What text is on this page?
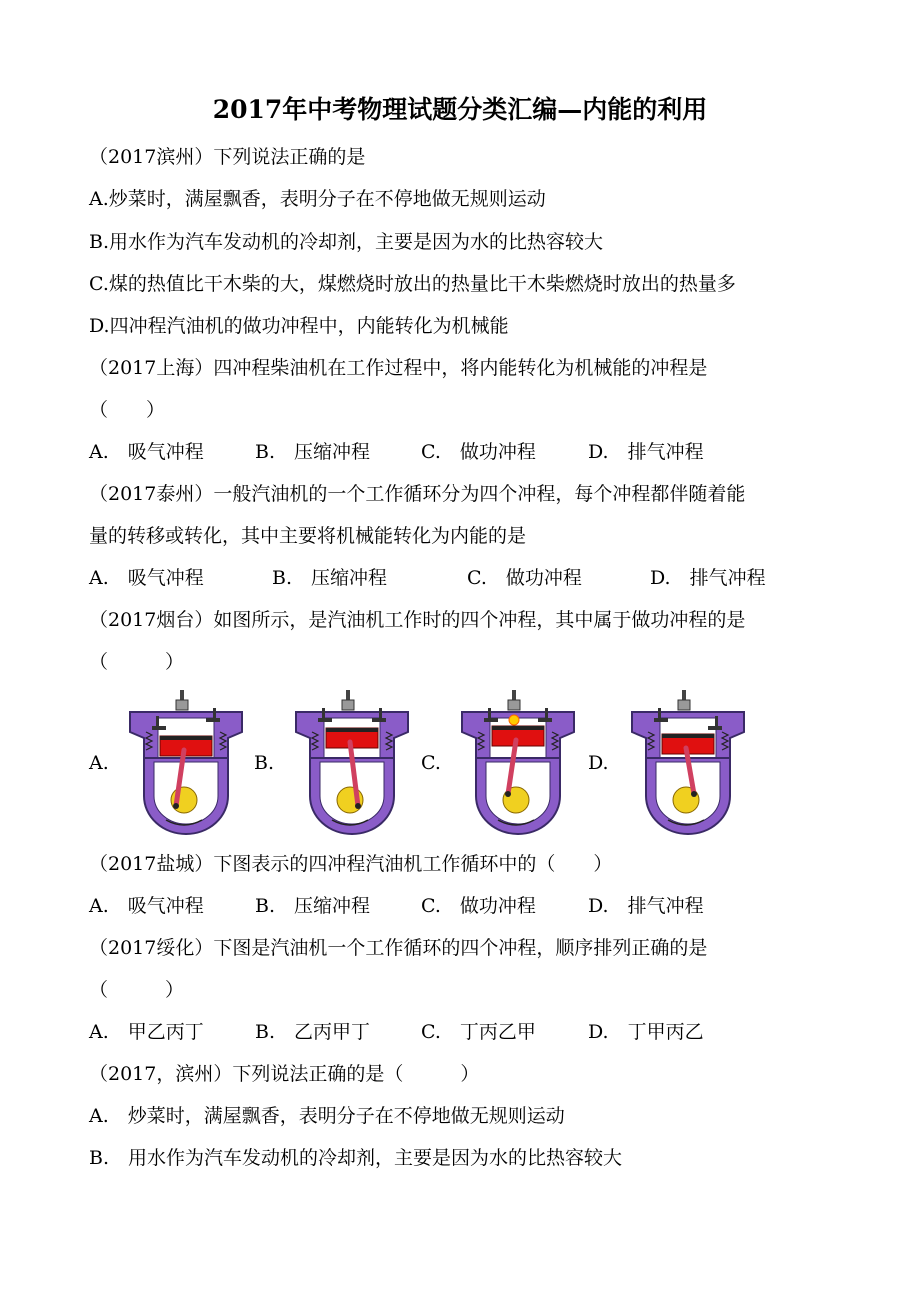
2017年中考物理试题分类汇编—内能的利用
（2017滨州）下列说法正确的是
A.炒菜时，满屋飘香，表明分子在不停地做无规则运动
B.用水作为汽车发动机的冷却剂，主要是因为水的比热容较大
C.煤的热值比干木柴的大，煤燃烧时放出的热量比干木柴燃烧时放出的热量多
D.四冲程汽油机的做功冲程中，内能转化为机械能
（2017上海）四冲程柴油机在工作过程中，将内能转化为机械能的冲程是
（　　）
A.　吸气冲程	B.　压缩冲程	C.　做功冲程	D.　排气冲程
（2017泰州）一般汽油机的一个工作循环分为四个冲程，每个冲程都伴随着能
量的转移或转化，其中主要将机械能转化为内能的是
A.　吸气冲程	B.　压缩冲程	C.　做功冲程	D.　排气冲程
（2017烟台）如图所示，是汽油机工作时的四个冲程，其中属于做功冲程的是
（　　　）
A.	B.	C.	D.
（2017盐城）下图表示的四冲程汽油机工作循环中的（　　）
A.　吸气冲程	B.　压缩冲程	C.　做功冲程	D.　排气冲程
（2017绥化）下图是汽油机一个工作循环的四个冲程，顺序排列正确的是
（　　　）
A.　甲乙丙丁	B.　乙丙甲丁	C.　丁丙乙甲	D.　丁甲丙乙
（2017，滨州）下列说法正确的是（　　　）
A.　炒菜时，满屋飘香，表明分子在不停地做无规则运动
B.　用水作为汽车发动机的冷却剂，主要是因为水的比热容较大
